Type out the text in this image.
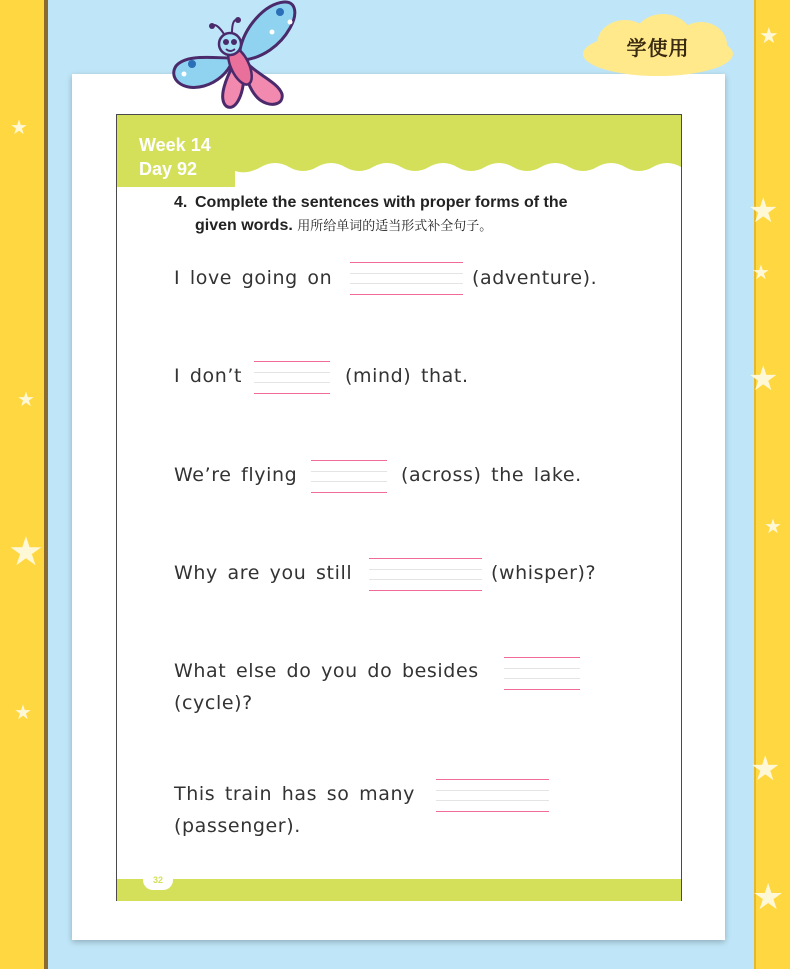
★
★
★
★
★
★
★
★
★
★
★
学使用
Week 14
Day 92
32
4. Complete the sentences with proper forms of the
given words. 用所给单词的适当形式补全句子。
I love going on	(adventure).
I don’t	(mind) that.
We’re flying	(across) the lake.
Why are you still	(whisper)?
What else do you do besides
(cycle)?
This train has so many
(passenger).
